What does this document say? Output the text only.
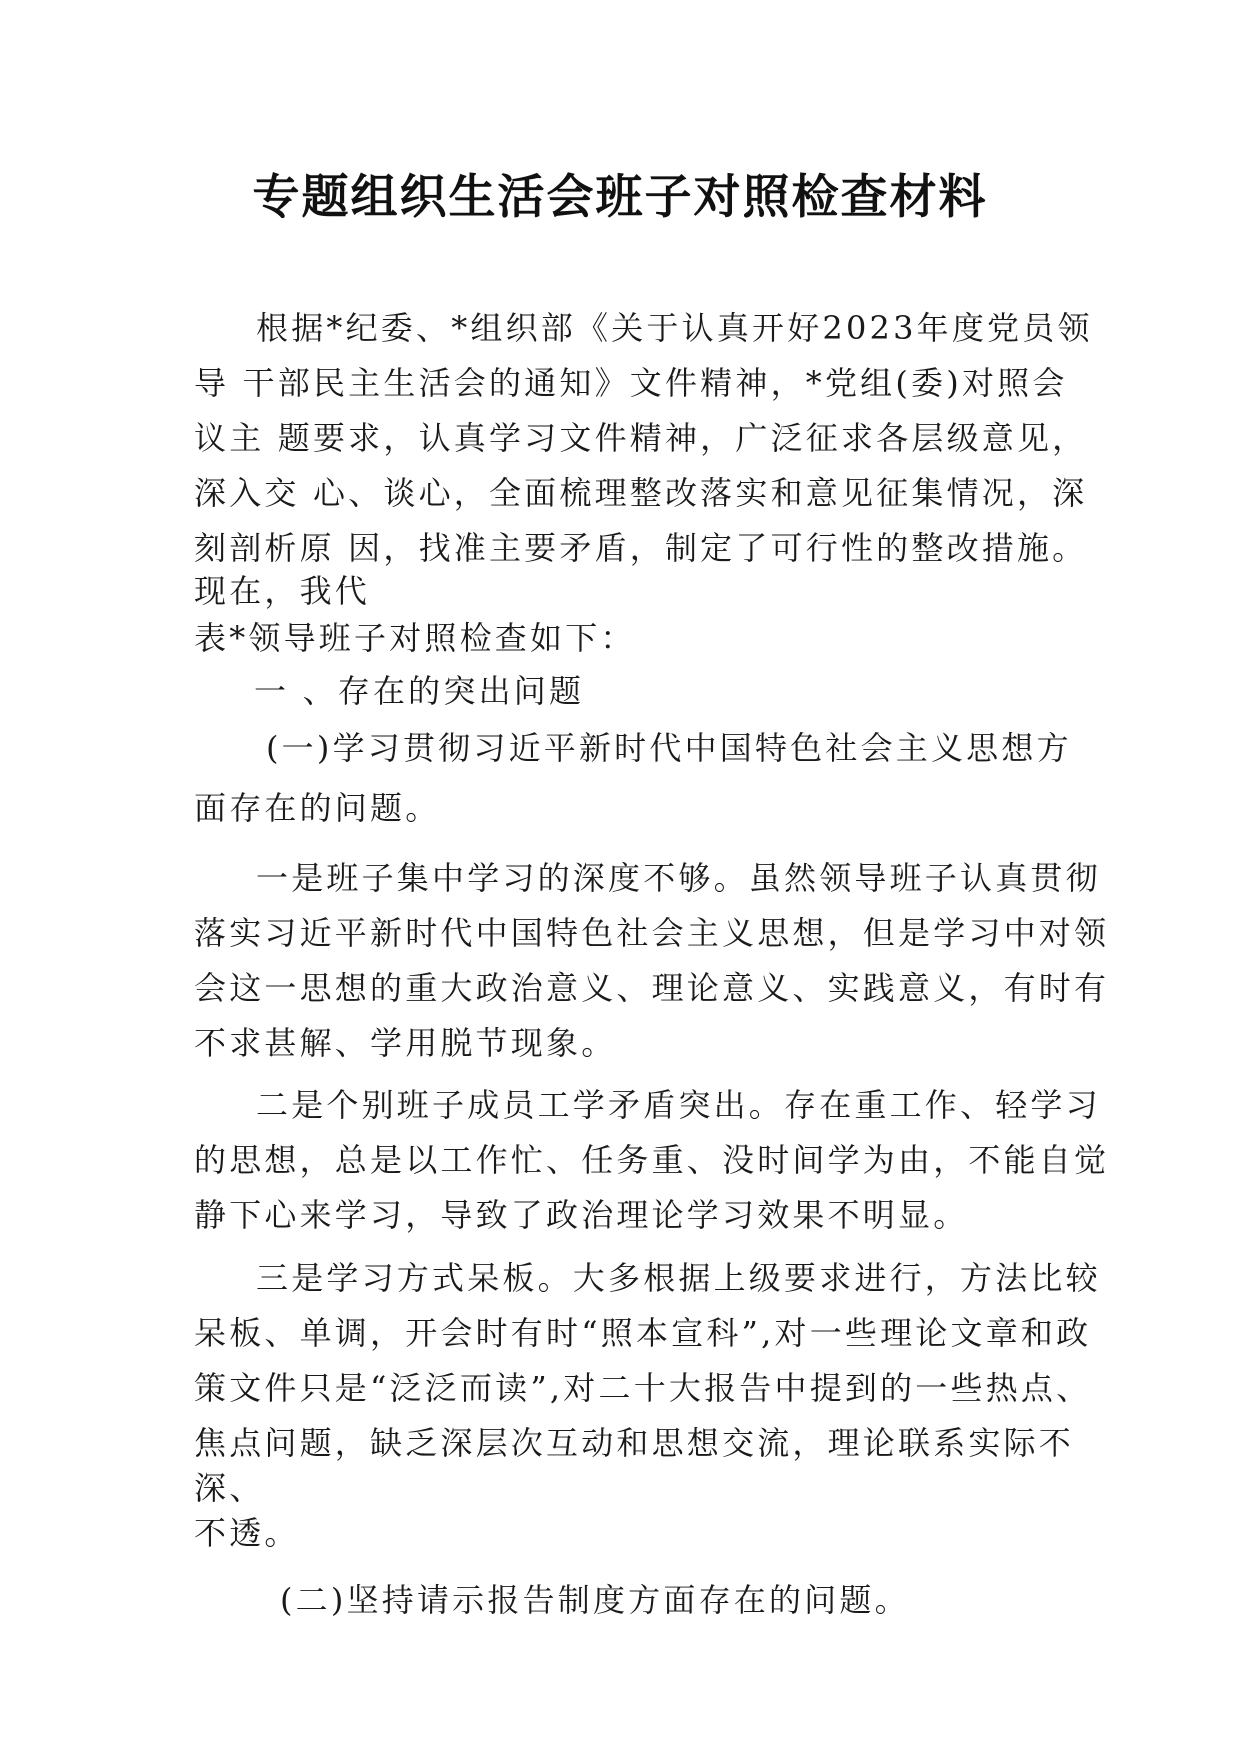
专题组织生活会班子对照检查材料

根据*纪委、*组织部《关于认真开好2023年度党员领

导 干部民主生活会的通知》文件精神，*党组(委)对照会

议主 题要求，认真学习文件精神，广泛征求各层级意见，

深入交 心、谈心，全面梳理整改落实和意见征集情况，深

刻剖析原 因，找准主要矛盾，制定了可行性的整改措施。

现在，我代

表*领导班子对照检查如下：

一 、存在的突出问题

(一)学习贯彻习近平新时代中国特色社会主义思想方

面存在的问题。

一是班子集中学习的深度不够。虽然领导班子认真贯彻

落实习近平新时代中国特色社会主义思想，但是学习中对领

会这一思想的重大政治意义、理论意义、实践意义，有时有

不求甚解、学用脱节现象。

二是个别班子成员工学矛盾突出。存在重工作、轻学习

的思想，总是以工作忙、任务重、没时间学为由，不能自觉

静下心来学习，导致了政治理论学习效果不明显。

三是学习方式呆板。大多根据上级要求进行，方法比较

呆板、单调，开会时有时“照本宣科”,对一些理论文章和政

策文件只是“泛泛而读”,对二十大报告中提到的一些热点、

焦点问题，缺乏深层次互动和思想交流，理论联系实际不

深、

不透。

(二)坚持请示报告制度方面存在的问题。
